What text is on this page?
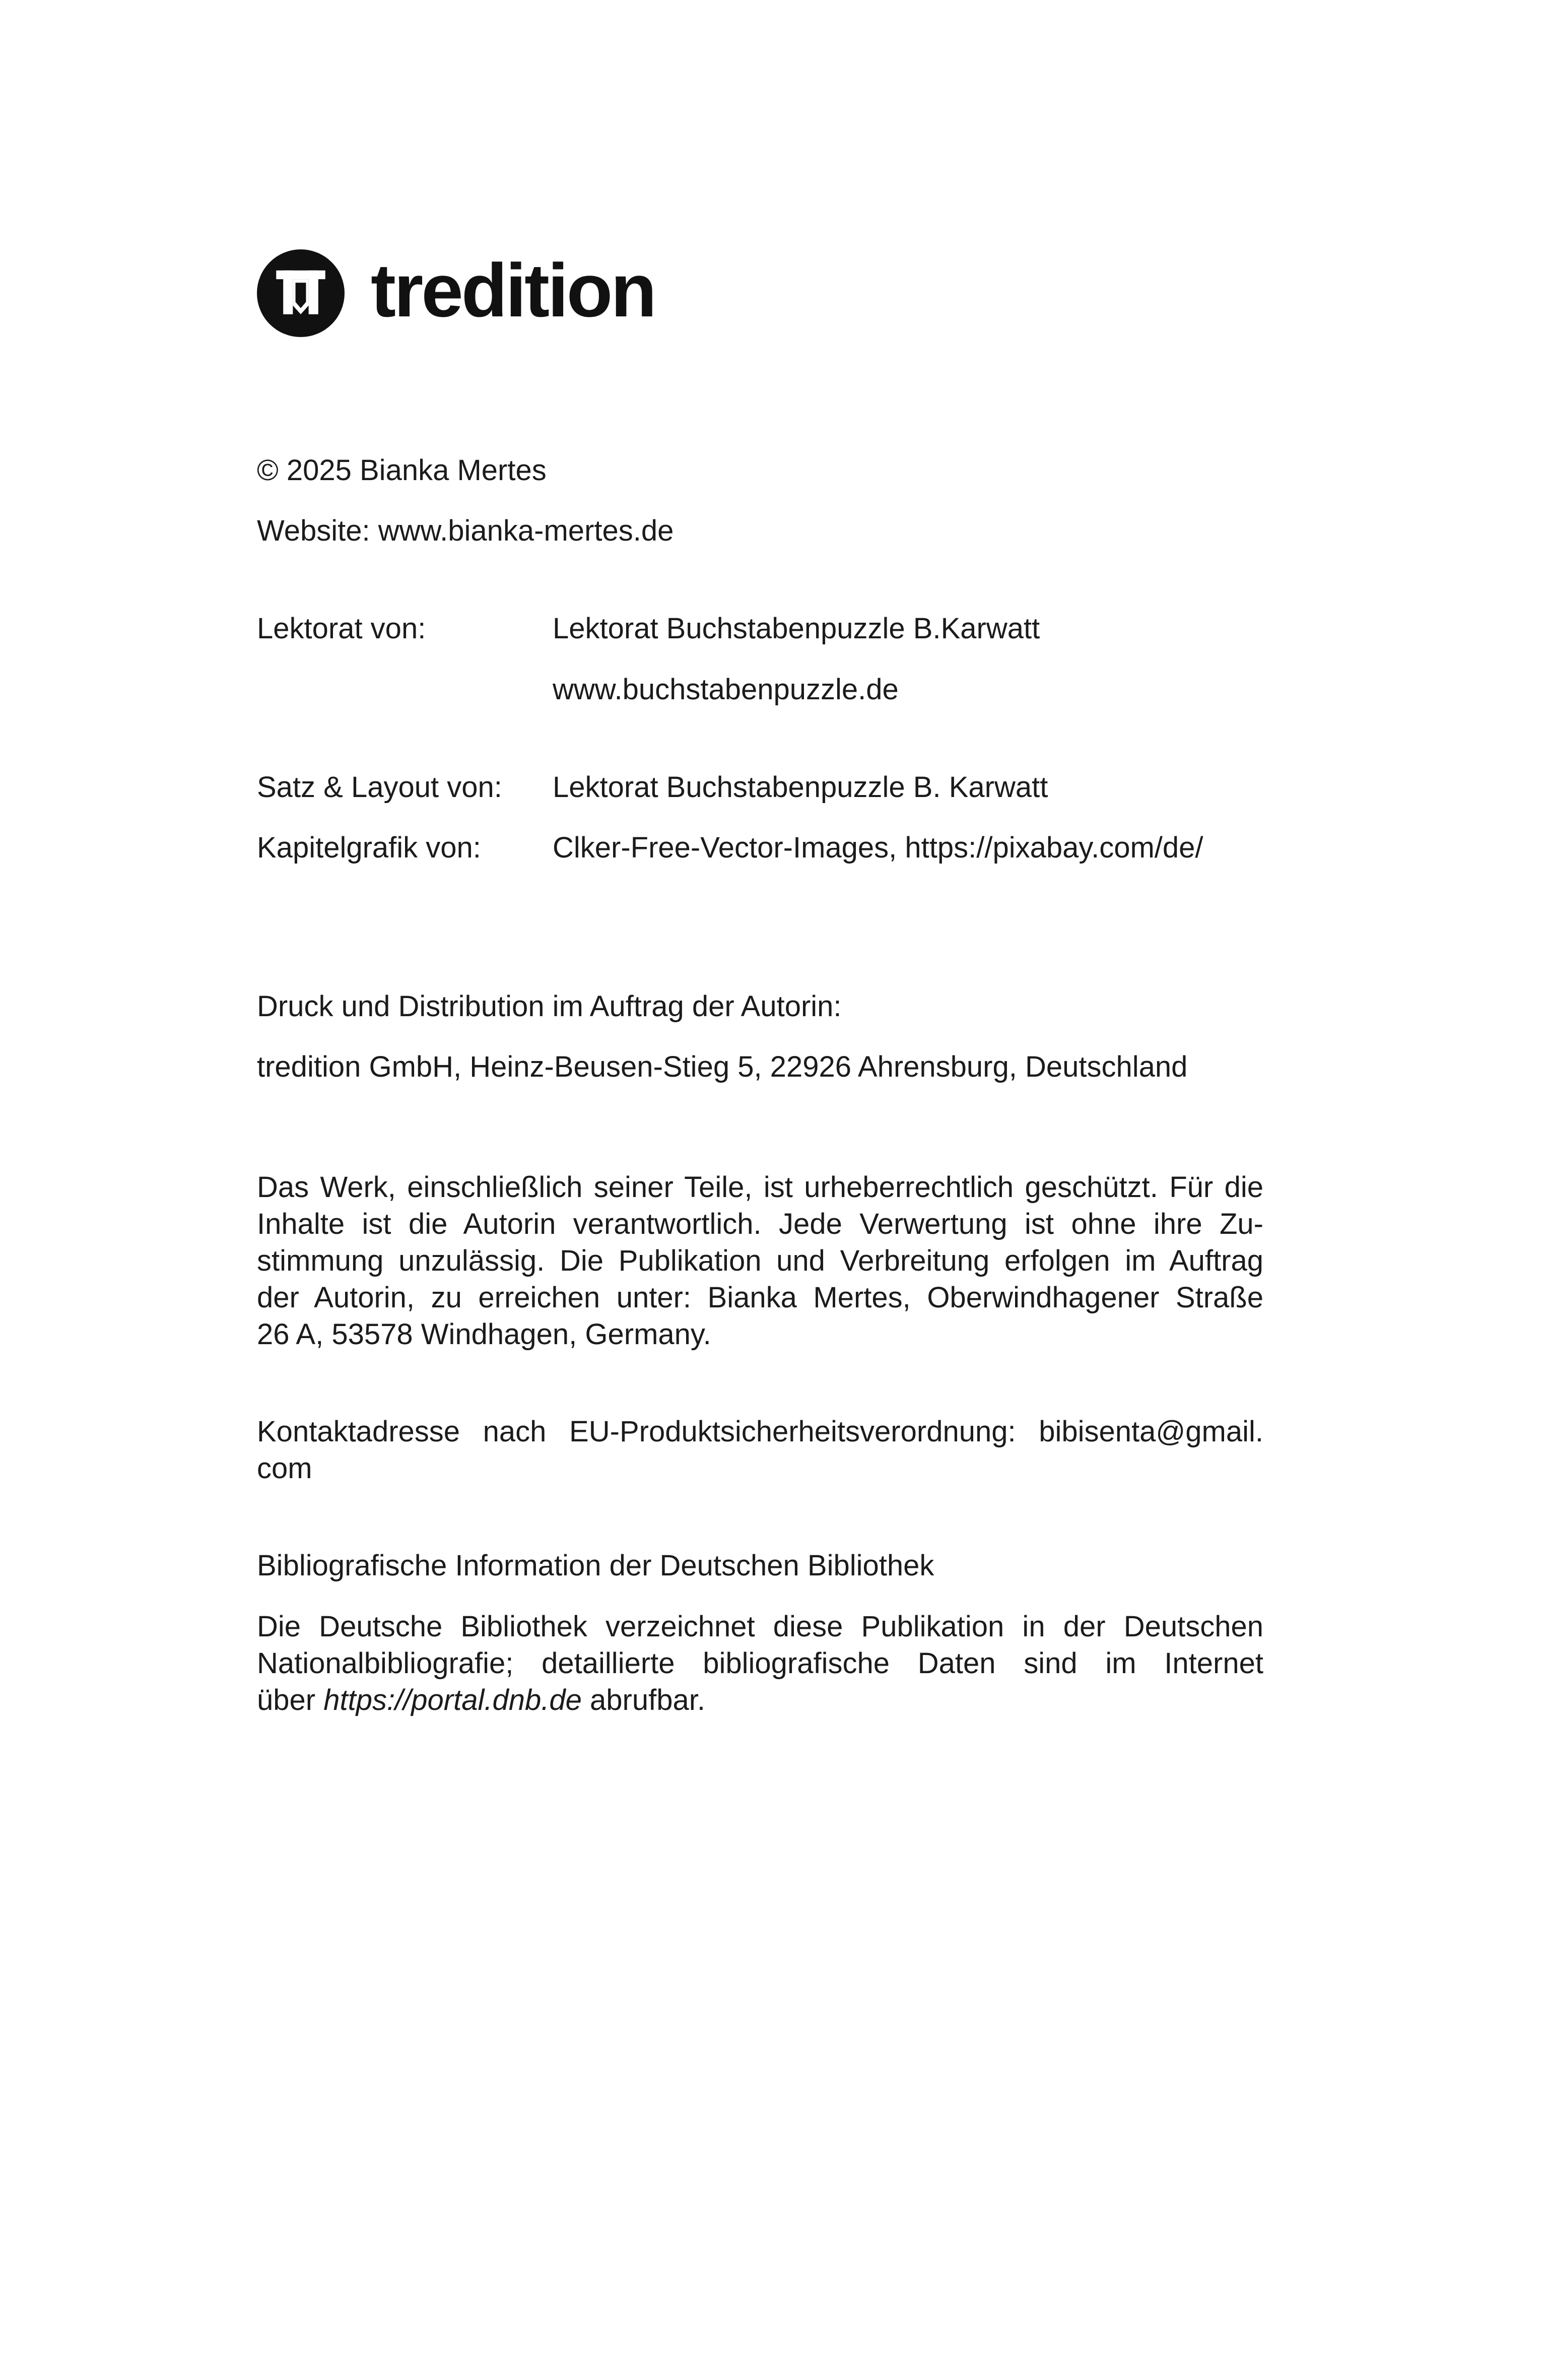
tredition
© 2025 Bianka Mertes
Website: www.bianka-mertes.de
Lektorat von:	Lektorat Buchstabenpuzzle B.Karwatt
www.buchstabenpuzzle.de
Satz & Layout von: Lektorat Buchstabenpuzzle B. Karwatt
Kapitelgrafik von: Clker-Free-Vector-Images, https://pixabay.com/de/
Druck und Distribution im Auftrag der Autorin:
tredition GmbH, Heinz-Beusen-Stieg 5, 22926 Ahrensburg, Deutschland
Das Werk, einschließlich seiner Teile, ist urheberrechtlich geschützt. Für die
Inhalte ist die Autorin verantwortlich. Jede Verwertung ist ohne ihre Zu-
stimmung unzulässig. Die Publikation und Verbreitung erfolgen im Auftrag
der Autorin, zu erreichen unter: Bianka Mertes, Oberwindhagener Straße
26 A, 53578 Windhagen, Germany.
Kontaktadresse nach EU-Produktsicherheitsverordnung: bibisenta@gmail.
com
Bibliografische Information der Deutschen Bibliothek
Die Deutsche Bibliothek verzeichnet diese Publikation in der Deutschen
Nationalbibliografie; detaillierte bibliografische Daten sind im Internet
über https://portal.dnb.de abrufbar.
